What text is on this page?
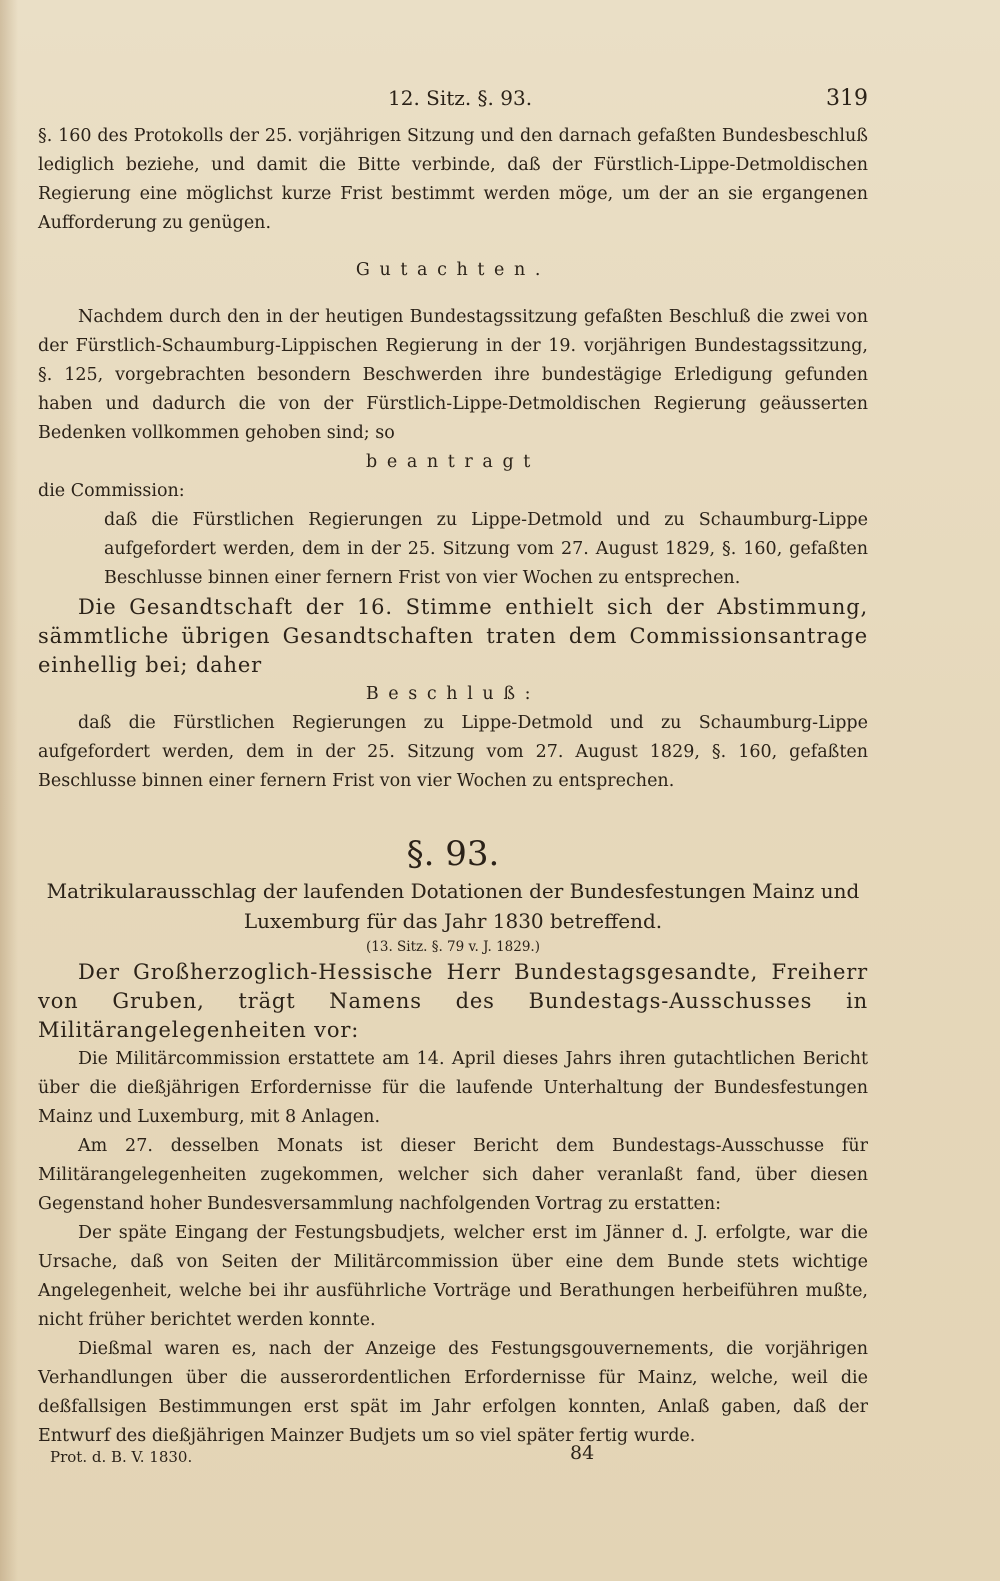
12. Sitz. §. 93.	319

§. 160 des Protokolls der 25. vorjährigen Sitzung und den darnach gefaßten Bundesbeschluß lediglich beziehe, und damit die Bitte verbinde, daß der Fürstlich-Lippe-Detmoldischen Regierung eine möglichst kurze Frist bestimmt werden möge, um der an sie ergangenen Aufforderung zu genügen.

Gutachten.

Nachdem durch den in der heutigen Bundestagssitzung gefaßten Beschluß die zwei von der Fürstlich-Schaumburg-Lippischen Regierung in der 19. vorjährigen Bundestagssitzung, §. 125, vorgebrachten besondern Beschwerden ihre bundestägige Erledigung gefunden haben und dadurch die von der Fürstlich-Lippe-Detmoldischen Regierung geäusserten Bedenken vollkommen gehoben sind; so

beantragt

die Commission:

daß die Fürstlichen Regierungen zu Lippe-Detmold und zu Schaumburg-Lippe aufgefordert werden, dem in der 25. Sitzung vom 27. August 1829, §. 160, gefaßten Beschlusse binnen einer fernern Frist von vier Wochen zu entsprechen.

Die Gesandtschaft der 16. Stimme enthielt sich der Abstimmung, sämmtliche übrigen Gesandtschaften traten dem Commissionsantrage einhellig bei; daher

Beschluß:

daß die Fürstlichen Regierungen zu Lippe-Detmold und zu Schaumburg-Lippe aufgefordert werden, dem in der 25. Sitzung vom 27. August 1829, §. 160, gefaßten Beschlusse binnen einer fernern Frist von vier Wochen zu entsprechen.

§. 93.

Matrikularausschlag der laufenden Dotationen der Bundesfestungen Mainz und Luxemburg für das Jahr 1830 betreffend.

(13. Sitz. §. 79 v. J. 1829.)

Der Großherzoglich-Hessische Herr Bundestagsgesandte, Freiherr von Gruben, trägt Namens des Bundestags-Ausschusses in Militärangelegenheiten vor:

Die Militärcommission erstattete am 14. April dieses Jahrs ihren gutachtlichen Bericht über die dießjährigen Erfordernisse für die laufende Unterhaltung der Bundesfestungen Mainz und Luxemburg, mit 8 Anlagen.

Am 27. desselben Monats ist dieser Bericht dem Bundestags-Ausschusse für Militärangelegenheiten zugekommen, welcher sich daher veranlaßt fand, über diesen Gegenstand hoher Bundesversammlung nachfolgenden Vortrag zu erstatten:

Der späte Eingang der Festungsbudjets, welcher erst im Jänner d. J. erfolgte, war die Ursache, daß von Seiten der Militärcommission über eine dem Bunde stets wichtige Angelegenheit, welche bei ihr ausführliche Vorträge und Berathungen herbeiführen mußte, nicht früher berichtet werden konnte.

Dießmal waren es, nach der Anzeige des Festungsgouvernements, die vorjährigen Verhandlungen über die ausserordentlichen Erfordernisse für Mainz, welche, weil die deßfallsigen Bestimmungen erst spät im Jahr erfolgen konnten, Anlaß gaben, daß der Entwurf des dießjährigen Mainzer Budjets um so viel später fertig wurde.

Prot. d. B. V. 1830.	84
